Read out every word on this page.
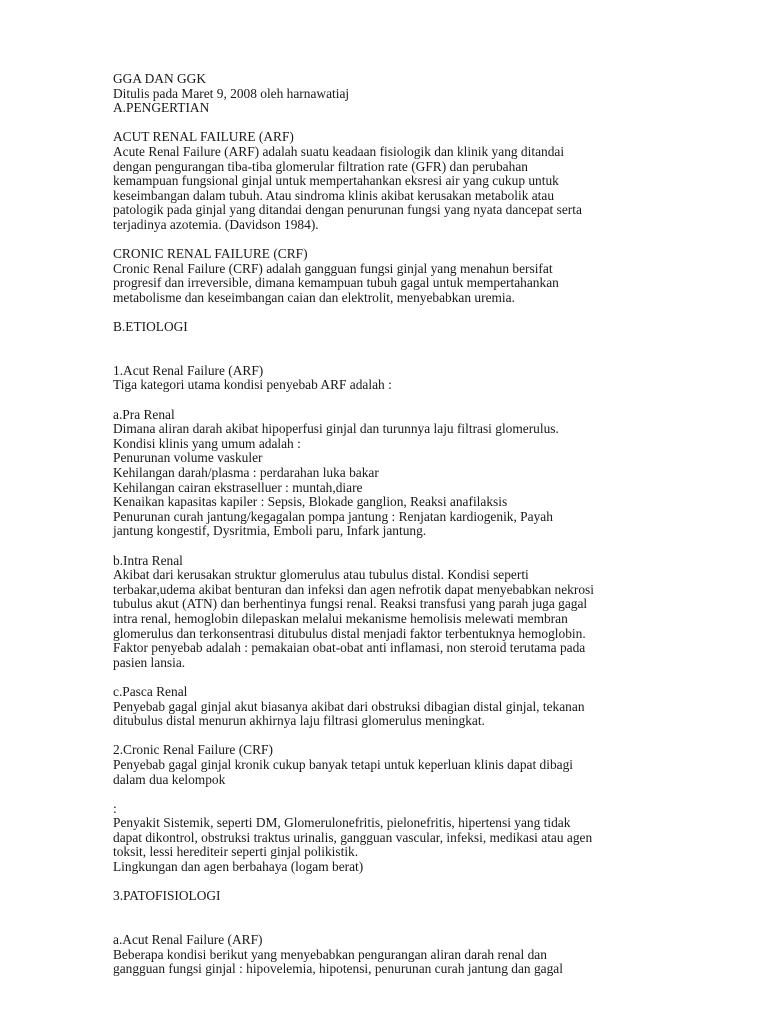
GGA DAN GGK
Ditulis pada Maret 9, 2008 oleh harnawatiaj
A.PENGERTIAN
ACUT RENAL FAILURE (ARF)
Acute Renal Failure (ARF) adalah suatu keadaan fisiologik dan klinik yang ditandai
dengan pengurangan tiba-tiba glomerular filtration rate (GFR) dan perubahan
kemampuan fungsional ginjal untuk mempertahankan eksresi air yang cukup untuk
keseimbangan dalam tubuh. Atau sindroma klinis akibat kerusakan metabolik atau
patologik pada ginjal yang ditandai dengan penurunan fungsi yang nyata dancepat serta
terjadinya azotemia. (Davidson 1984).
CRONIC RENAL FAILURE (CRF)
Cronic Renal Failure (CRF) adalah gangguan fungsi ginjal yang menahun bersifat
progresif dan irreversible, dimana kemampuan tubuh gagal untuk mempertahankan
metabolisme dan keseimbangan caian dan elektrolit, menyebabkan uremia.
B.ETIOLOGI
1.Acut Renal Failure (ARF)
Tiga kategori utama kondisi penyebab ARF adalah :
a.Pra Renal
Dimana aliran darah akibat hipoperfusi ginjal dan turunnya laju filtrasi glomerulus.
Kondisi klinis yang umum adalah :
Penurunan volume vaskuler
Kehilangan darah/plasma : perdarahan luka bakar
Kehilangan cairan ekstraselluer : muntah,diare
Kenaikan kapasitas kapiler : Sepsis, Blokade ganglion, Reaksi anafilaksis
Penurunan curah jantung/kegagalan pompa jantung : Renjatan kardiogenik, Payah
jantung kongestif, Dysritmia, Emboli paru, Infark jantung.
b.Intra Renal
Akibat dari kerusakan struktur glomerulus atau tubulus distal. Kondisi seperti
terbakar,udema akibat benturan dan infeksi dan agen nefrotik dapat menyebabkan nekrosi
tubulus akut (ATN) dan berhentinya fungsi renal. Reaksi transfusi yang parah juga gagal
intra renal, hemoglobin dilepaskan melalui mekanisme hemolisis melewati membran
glomerulus dan terkonsentrasi ditubulus distal menjadi faktor terbentuknya hemoglobin.
Faktor penyebab adalah : pemakaian obat-obat anti inflamasi, non steroid terutama pada
pasien lansia.
c.Pasca Renal
Penyebab gagal ginjal akut biasanya akibat dari obstruksi dibagian distal ginjal, tekanan
ditubulus distal menurun akhirnya laju filtrasi glomerulus meningkat.
2.Cronic Renal Failure (CRF)
Penyebab gagal ginjal kronik cukup banyak tetapi untuk keperluan klinis dapat dibagi
dalam dua kelompok
:
Penyakit Sistemik, seperti DM, Glomerulonefritis, pielonefritis, hipertensi yang tidak
dapat dikontrol, obstruksi traktus urinalis, gangguan vascular, infeksi, medikasi atau agen
toksit, lessi herediteir seperti ginjal polikistik.
Lingkungan dan agen berbahaya (logam berat)
3.PATOFISIOLOGI
a.Acut Renal Failure (ARF)
Beberapa kondisi berikut yang menyebabkan pengurangan aliran darah renal dan
gangguan fungsi ginjal : hipovelemia, hipotensi, penurunan curah jantung dan gagal
